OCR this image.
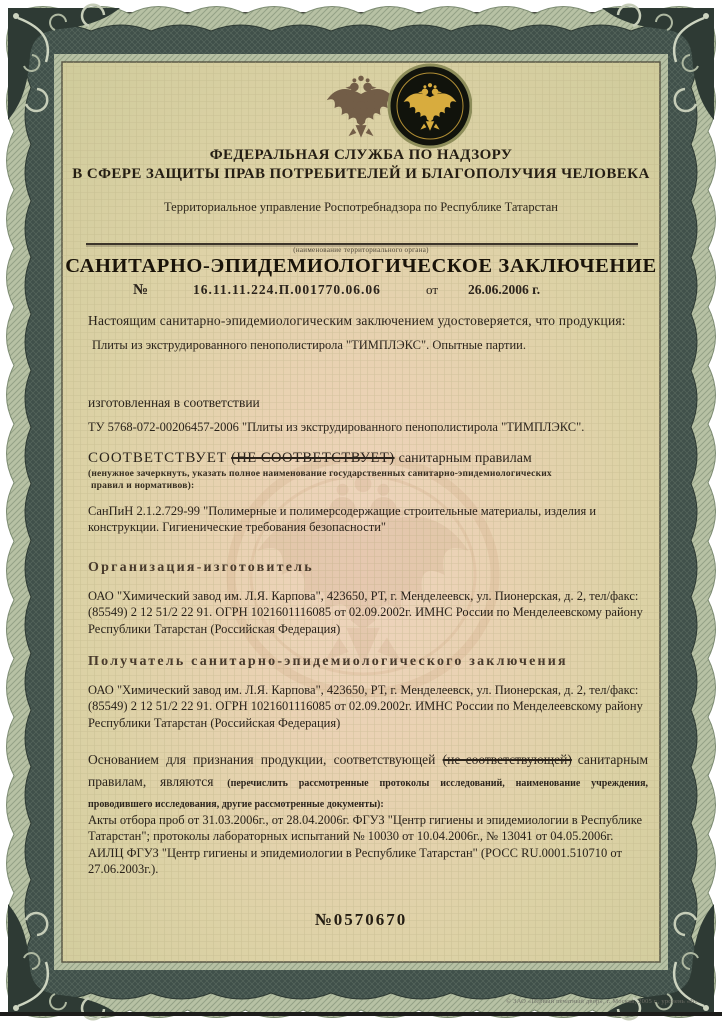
ФЕДЕРАЛЬНАЯ СЛУЖБА ПО НАДЗОРУ
В СФЕРЕ ЗАЩИТЫ ПРАВ ПОТРЕБИТЕЛЕЙ И БЛАГОПОЛУЧИЯ ЧЕЛОВЕКА
Территориальное управление Роспотребнадзора по Республике Татарстан
(наименование территориального органа)
САНИТАРНО-ЭПИДЕМИОЛОГИЧЕСКОЕ ЗАКЛЮЧЕНИЕ
№	16.11.11.224.П.001770.06.06	от 26.06.2006 г.
Настоящим санитарно-эпидемиологическим заключением удостоверяется, что продукция:
Плиты из экструдированного пенополистирола "ТИМПЛЭКС". Опытные партии.
изготовленная в соответствии
ТУ 5768-072-00206457-2006 "Плиты из экструдированного пенополистирола "ТИМПЛЭКС".
СООТВЕТСТВУЕТ (НЕ СООТВЕТСТВУЕТ) санитарным правилам
(ненужное зачеркнуть, указать полное наименование государственных санитарно-эпидемиологических
правил и нормативов):
СанПиН 2.1.2.729-99 "Полимерные и полимерсодержащие строительные материалы, изделия и конструкции. Гигиенические требования безопасности"
Организация-изготовитель
ОАО "Химический завод им. Л.Я. Карпова", 423650, РТ, г. Менделеевск, ул. Пионерская, д. 2, тел/факс: (85549) 2 12 51/2 22 91. ОГРН 1021601116085 от 02.09.2002г. ИМНС России по Менделеевскому району Республики Татарстан (Российская Федерация)
Получатель санитарно-эпидемиологического заключения
ОАО "Химический завод им. Л.Я. Карпова", 423650, РТ, г. Менделеевск, ул. Пионерская, д. 2, тел/факс: (85549) 2 12 51/2 22 91. ОГРН 1021601116085 от 02.09.2002г. ИМНС России по Менделеевскому району Республики Татарстан (Российская Федерация)
Основанием для признания продукции, соответствующей (не соответствующей) санитарным правилам, являются (перечислить рассмотренные протоколы исследований, наименование учреждения, проводившего исследования, другие рассмотренные документы):
Акты отбора проб от 31.03.2006г., от 28.04.2006г. ФГУЗ "Центр гигиены и эпидемиологии в Республике Татарстан"; протоколы лабораторных испытаний № 10030 от 10.04.2006г., № 13041 от 04.05.2006г. АИЛЦ ФГУЗ "Центр гигиены и эпидемиологии в Республике Татарстан" (РОСС RU.0001.510710 от 27.06.2003г.).
№0570670
© ЗАО «Первый печатный двор», г. Москва, 2005 г., уровень «В».
